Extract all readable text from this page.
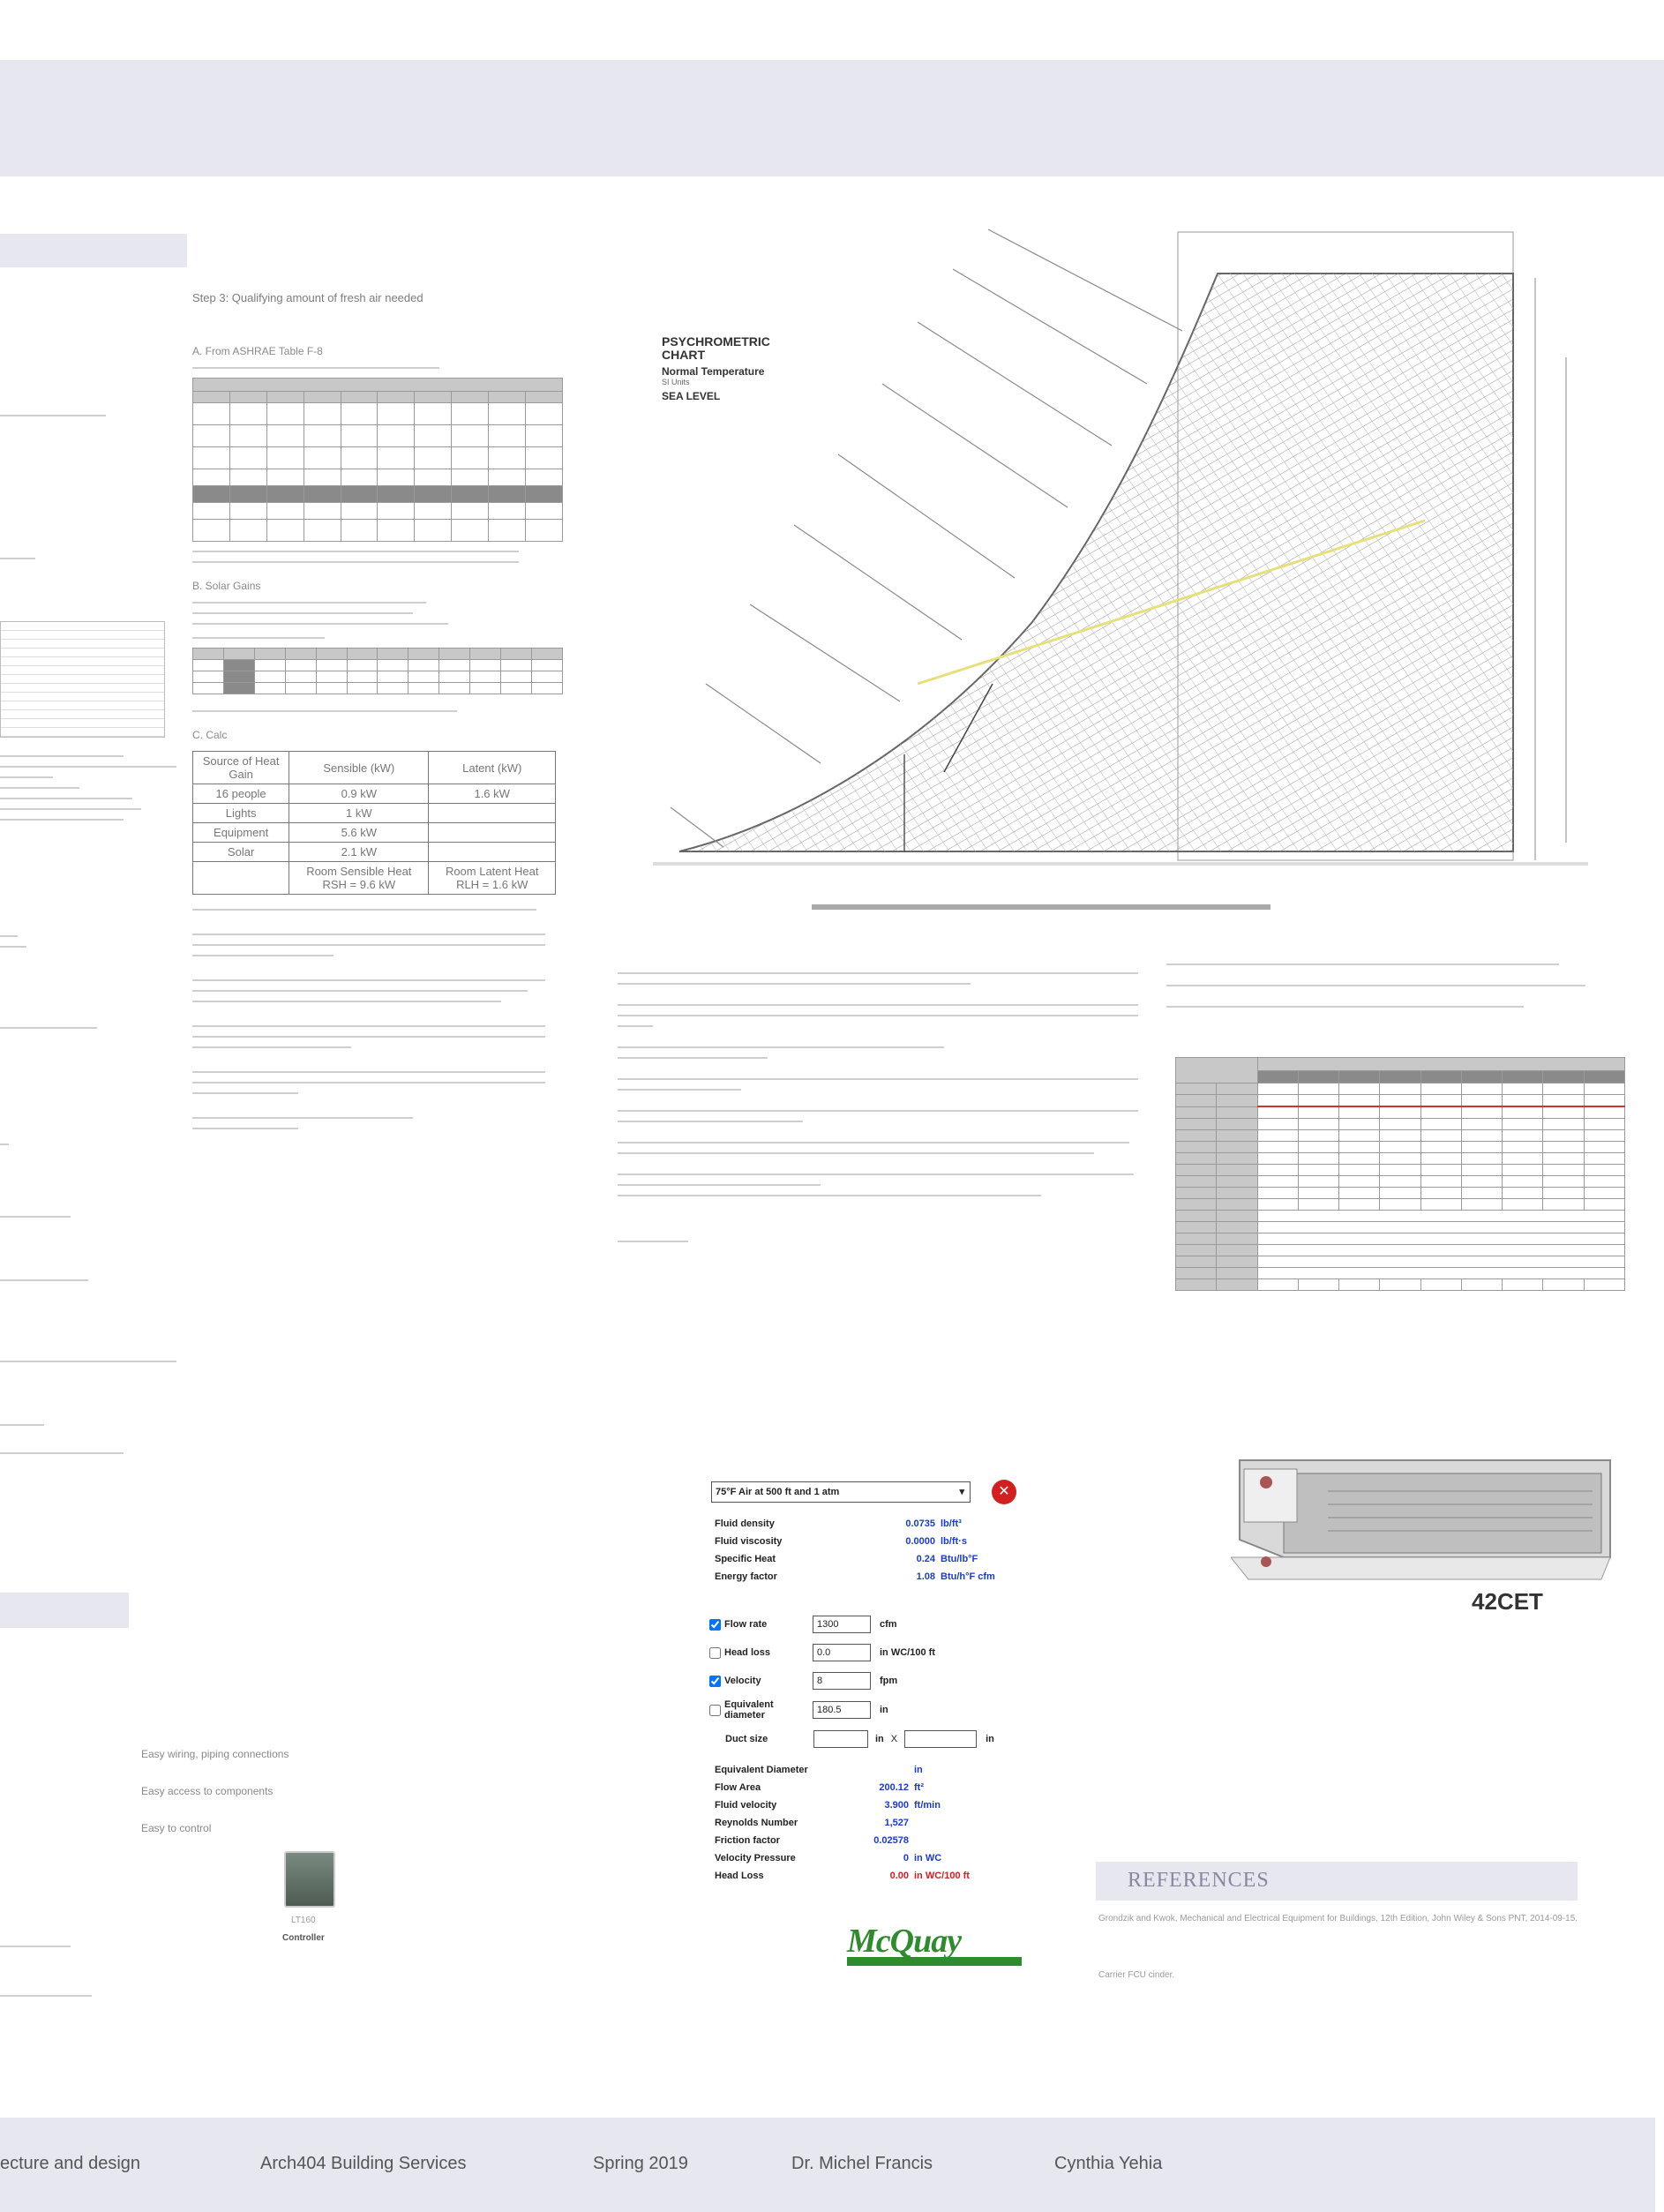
Step 3: Qualifying amount of fresh air needed
A. From ASHRAE Table F-8

B. Solar Gains

C. Calc
Source of Heat Gain	Sensible (kW)	Latent (kW)
16 people	0.9 kW	1.6 kW
Lights	1 kW	
Equipment	5.6 kW	
Solar	2.1 kW	
	Room Sensible Heat RSH = 9.6 kW	Room Latent Heat RLH = 1.6 kW
Easy wiring, piping connections
Easy access to components
Easy to control
LT160
Controller
PSYCHROMETRIC CHART
Normal Temperature
SI Units
SEA LEVEL

42CET
75°F Air at 500 ft and 1 atm	▾	✕
Fluid density	0.0735 lb/ft³
Fluid viscosity	0.0000 lb/ft·s
Specific Heat	0.24 Btu/lb°F
Energy factor	1.08 Btu/h°F cfm
Flow rate	1300	cfm
Head loss	0.0	in WC/100 ft
Velocity	8	fpm
Equivalent diameter	180.5	in
Duct size	in X	in
Equivalent Diameter	in
Flow Area	200.12 ft²
Fluid velocity	3.900 ft/min
Reynolds Number	1,527
Friction factor	0.02578
Velocity Pressure	0 in WC
Head Loss	0.00 in WC/100 ft
McQuay
REFERENCES
Grondzik and Kwok, Mechanical and Electrical Equipment for Buildings, 12th Edition, John Wiley & Sons PNT, 2014-09-15.
Carrier FCU cinder.
ecture and design	Arch404 Building Services	Spring 2019	Dr. Michel Francis	Cynthia Yehia
